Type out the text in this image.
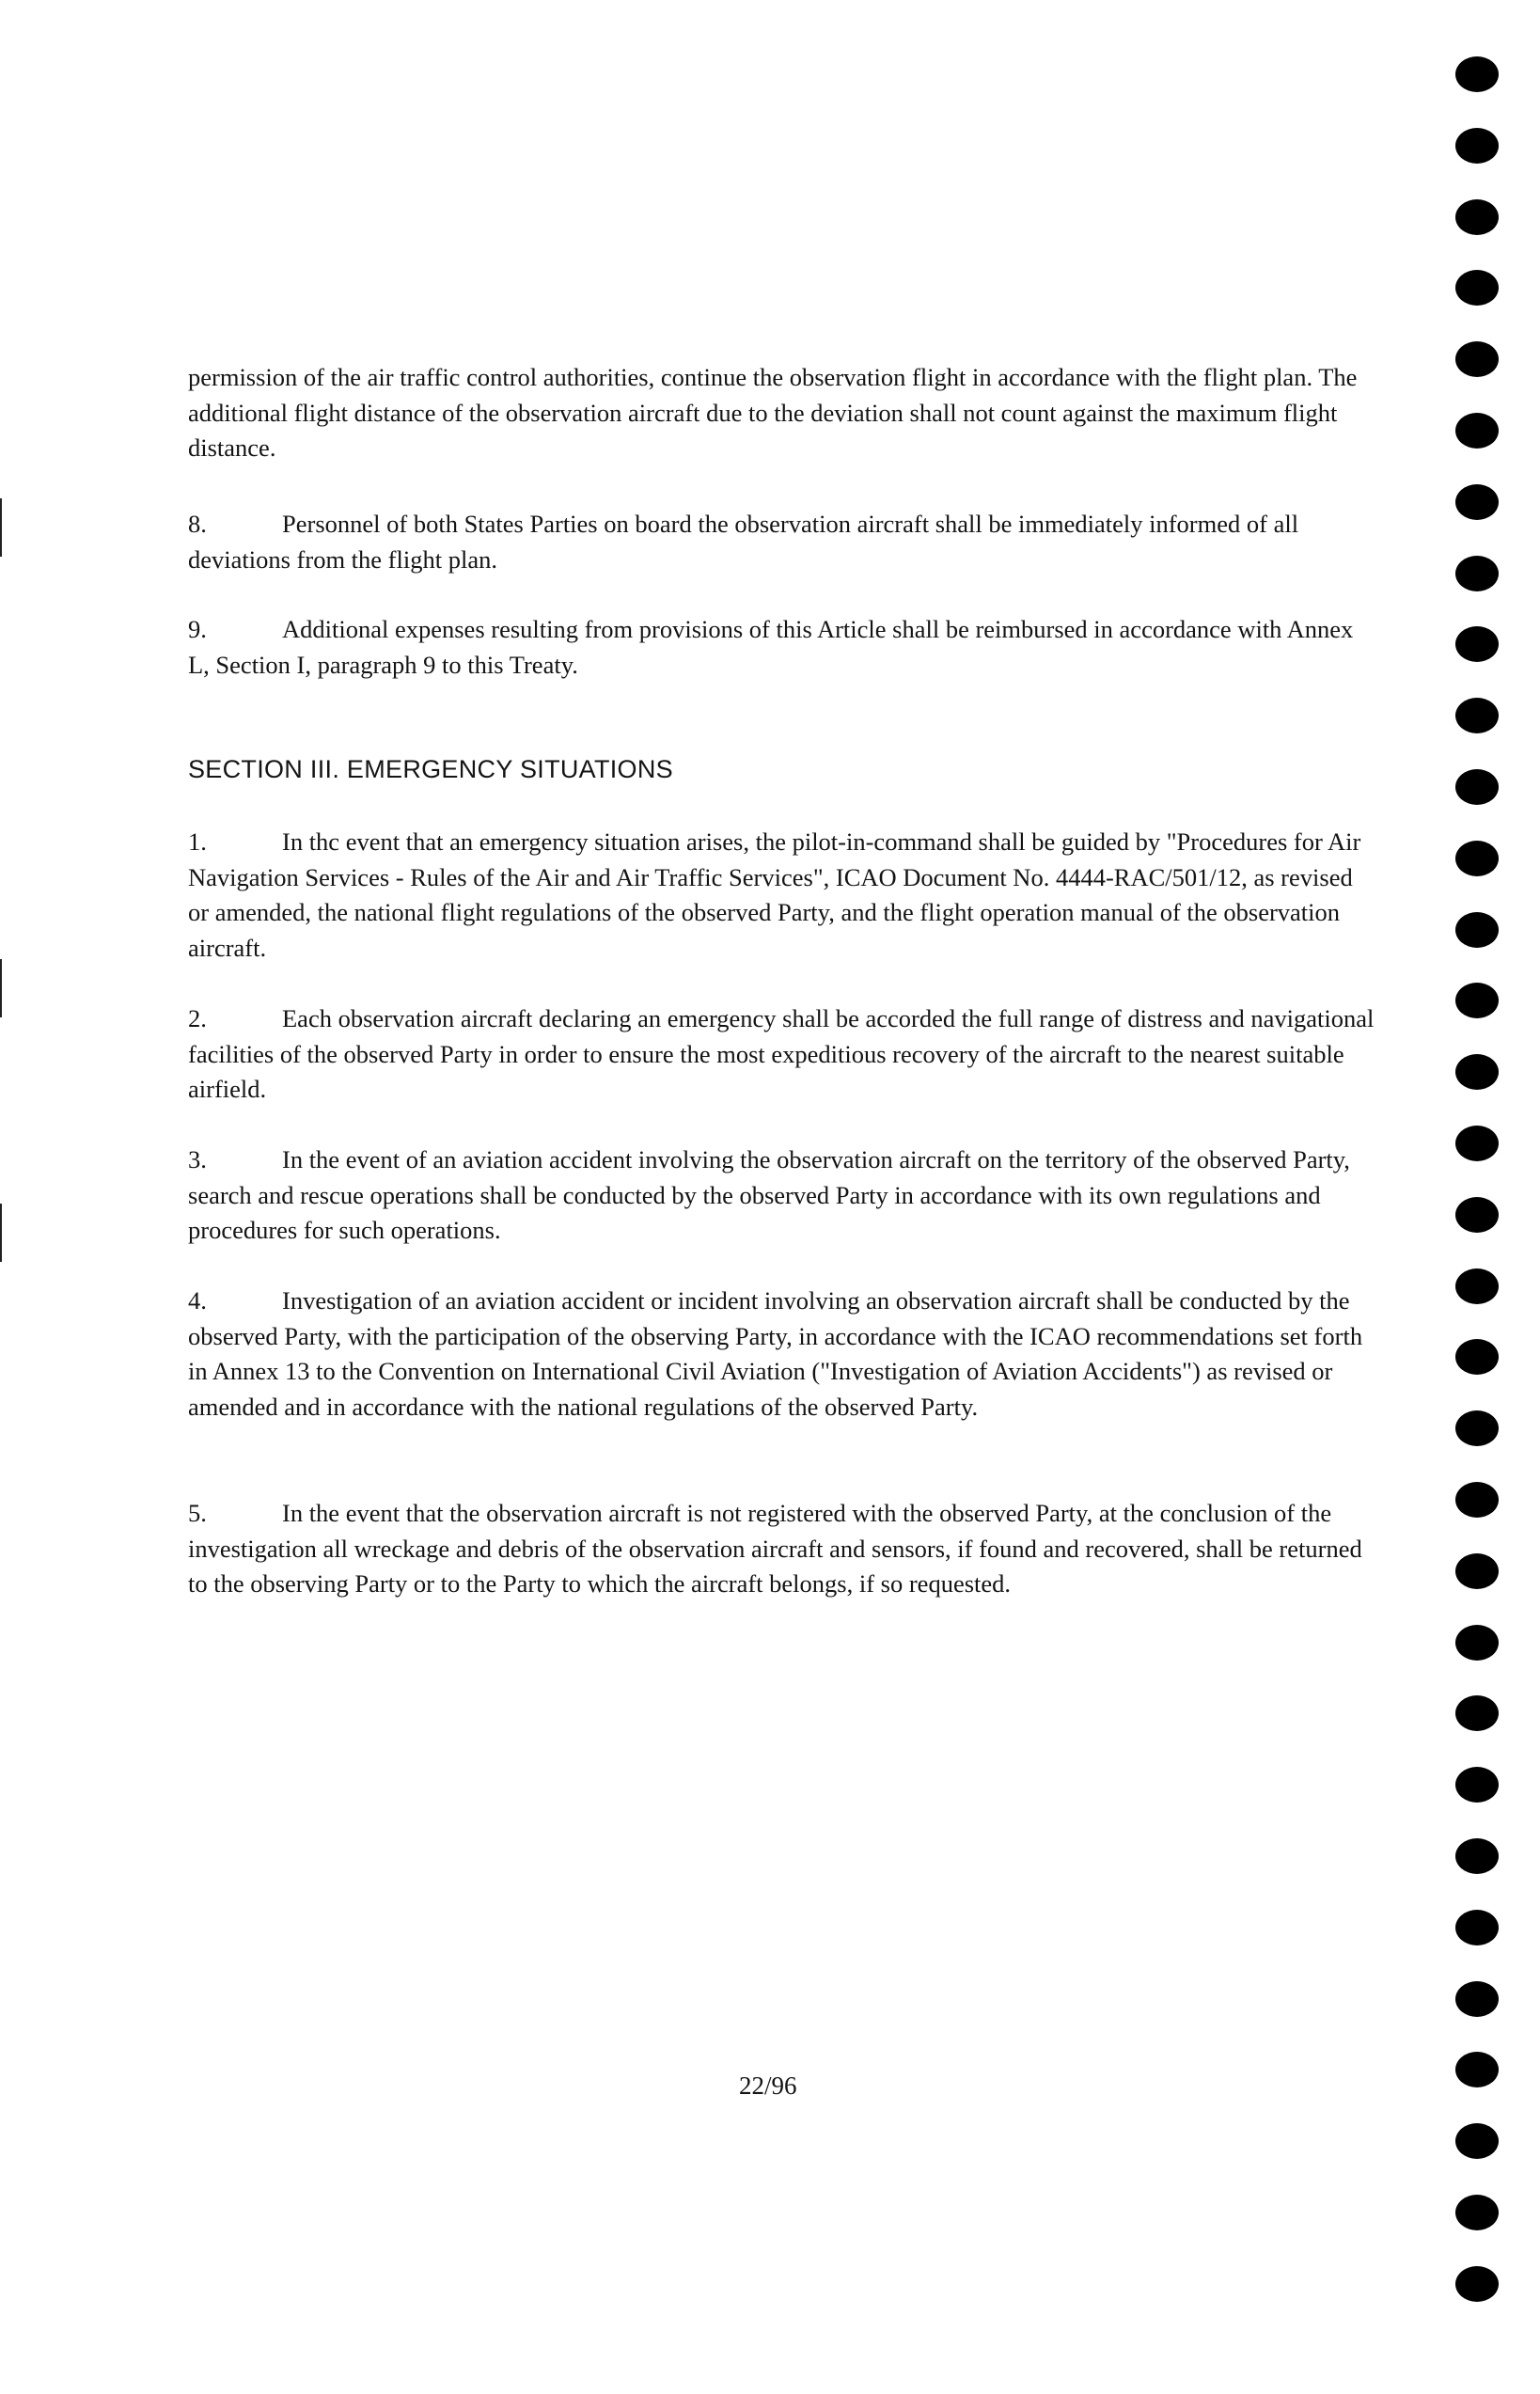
permission of the air traffic control authorities, continue the observation flight in accordance with the flight plan. The additional flight distance of the observation aircraft due to the deviation shall not count against the maximum flight distance.

8.	Personnel of both States Parties on board the observation aircraft shall be immediately informed of all deviations from the flight plan.

9.	Additional expenses resulting from provisions of this Article shall be reimbursed in accordance with Annex L, Section I, paragraph 9 to this Treaty.

SECTION III. EMERGENCY SITUATIONS

1.	In thc event that an emergency situation arises, the pilot-in-command shall be guided by "Procedures for Air Navigation Services - Rules of the Air and Air Traffic Services", ICAO Document No. 4444-RAC/501/12, as revised or amended, the national flight regulations of the observed Party, and the flight operation manual of the observation aircraft.

2.	Each observation aircraft declaring an emergency shall be accorded the full range of distress and navigational facilities of the observed Party in order to ensure the most expeditious recovery of the aircraft to the nearest suitable airfield.

3.	In the event of an aviation accident involving the observation aircraft on the territory of the observed Party, search and rescue operations shall be conducted by the observed Party in accordance with its own regulations and procedures for such operations.

4.	Investigation of an aviation accident or incident involving an observation aircraft shall be conducted by the observed Party, with the participation of the observing Party, in accordance with the ICAO recommendations set forth in Annex 13 to the Convention on International Civil Aviation ("Investigation of Aviation Accidents") as revised or amended and in accordance with the national regulations of the observed Party.

5.	In the event that the observation aircraft is not registered with the observed Party, at the conclusion of the investigation all wreckage and debris of the observation aircraft and sensors, if found and recovered, shall be returned to the observing Party or to the Party to which the aircraft belongs, if so requested.

22/96
